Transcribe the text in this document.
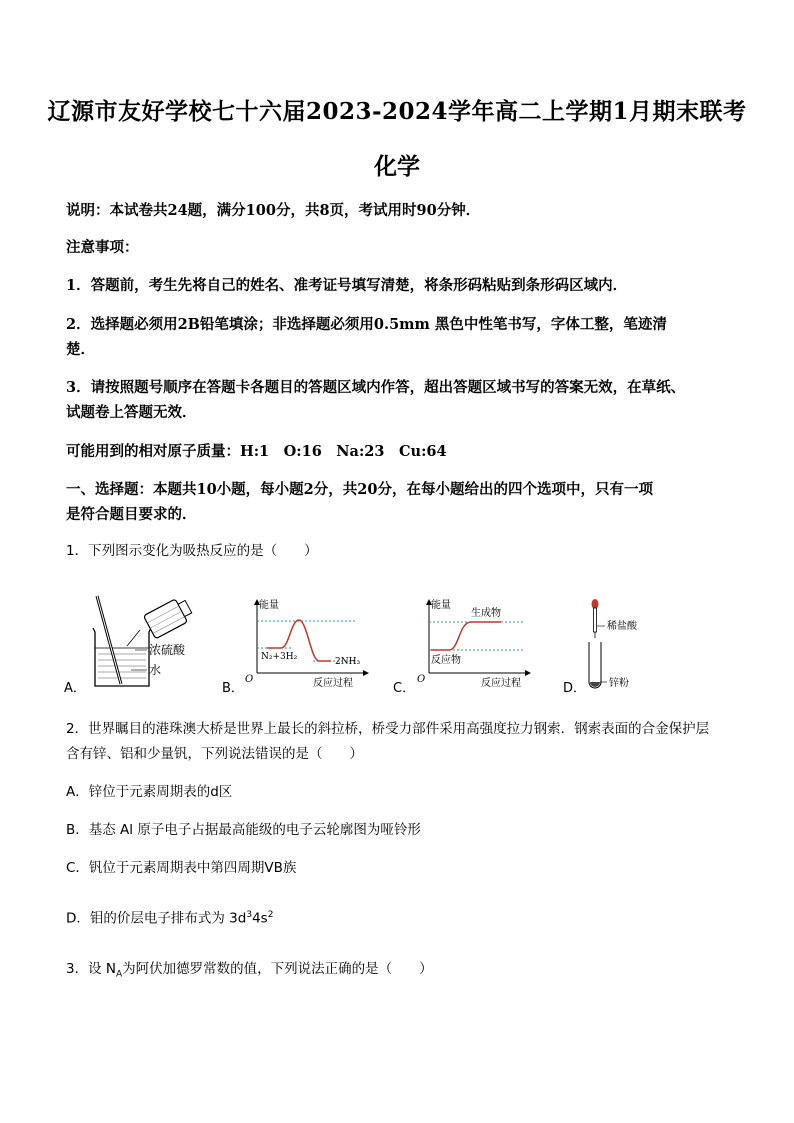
辽源市友好学校七十六届2023-2024学年高二上学期1月期末联考
化学
说明：本试卷共24题，满分100分，共8页，考试用时90分钟．
注意事项：
1．答题前，考生先将自己的姓名、准考证号填写清楚，将条形码粘贴到条形码区域内．
2．选择题必须用2B铅笔填涂；非选择题必须用0.5mm 黑色中性笔书写，字体工整，笔迹清
楚．
3．请按照题号顺序在答题卡各题目的答题区域内作答，超出答题区域书写的答案无效，在草纸、
试题卷上答题无效．
可能用到的相对原子质量：H:1　O:16　Na:23　Cu:64
一、选择题：本题共10小题，每小题2分，共20分，在每小题给出的四个选项中，只有一项
是符合题目要求的．
1．下列图示变化为吸热反应的是（　　）
A．
浓硫酸
水
B．
能量
O	反应过程
N₂+3H₂	2NH₃
C．
能量
O	反应过程
生成物
反应物
D．
稀盐酸
锌粉
2．世界瞩目的港珠澳大桥是世界上最长的斜拉桥，桥受力部件采用高强度拉力钢索．钢索表面的合金保护层
含有锌、铝和少量钒，下列说法错误的是（　　）
A．锌位于元素周期表的d区
B．基态 Al 原子电子占据最高能级的电子云轮廓图为哑铃形
C．钒位于元素周期表中第四周期VB族
D．钼的价层电子排布式为 $3d^34s^2$
3．设 $N_A$为阿伏加德罗常数的值，下列说法正确的是（　　）
